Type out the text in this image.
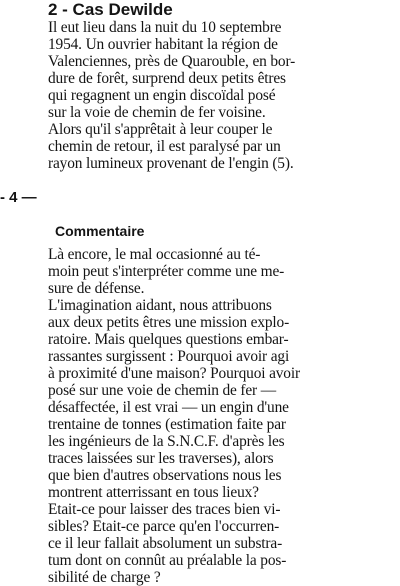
2 - Cas Dewilde
Il eut lieu dans la nuit du 10 septembre
1954. Un ouvrier habitant la région de
Valenciennes, près de Quarouble, en bor-
dure de forêt, surprend deux petits êtres
qui regagnent un engin discoïdal posé
sur la voie de chemin de fer voisine.
Alors qu'il s'apprêtait à leur couper le
chemin de retour, il est paralysé par un
rayon lumineux provenant de l'engin (5).
- 4 —
Commentaire
Là encore, le mal occasionné au té-
moin peut s'interpréter comme une me-
sure de défense.
L'imagination aidant, nous attribuons
aux deux petits êtres une mission explo-
ratoire. Mais quelques questions embar-
rassantes surgissent : Pourquoi avoir agi
à proximité d'une maison? Pourquoi avoir
posé sur une voie de chemin de fer —
désaffectée, il est vrai — un engin d'une
trentaine de tonnes (estimation faite par
les ingénieurs de la S.N.C.F. d'après les
traces laissées sur les traverses), alors
que bien d'autres observations nous les
montrent atterrissant en tous lieux?
Etait-ce pour laisser des traces bien vi-
sibles? Etait-ce parce qu'en l'occurren-
ce il leur fallait absolument un substra-
tum dont on connût au préalable la pos-
sibilité de charge ?
